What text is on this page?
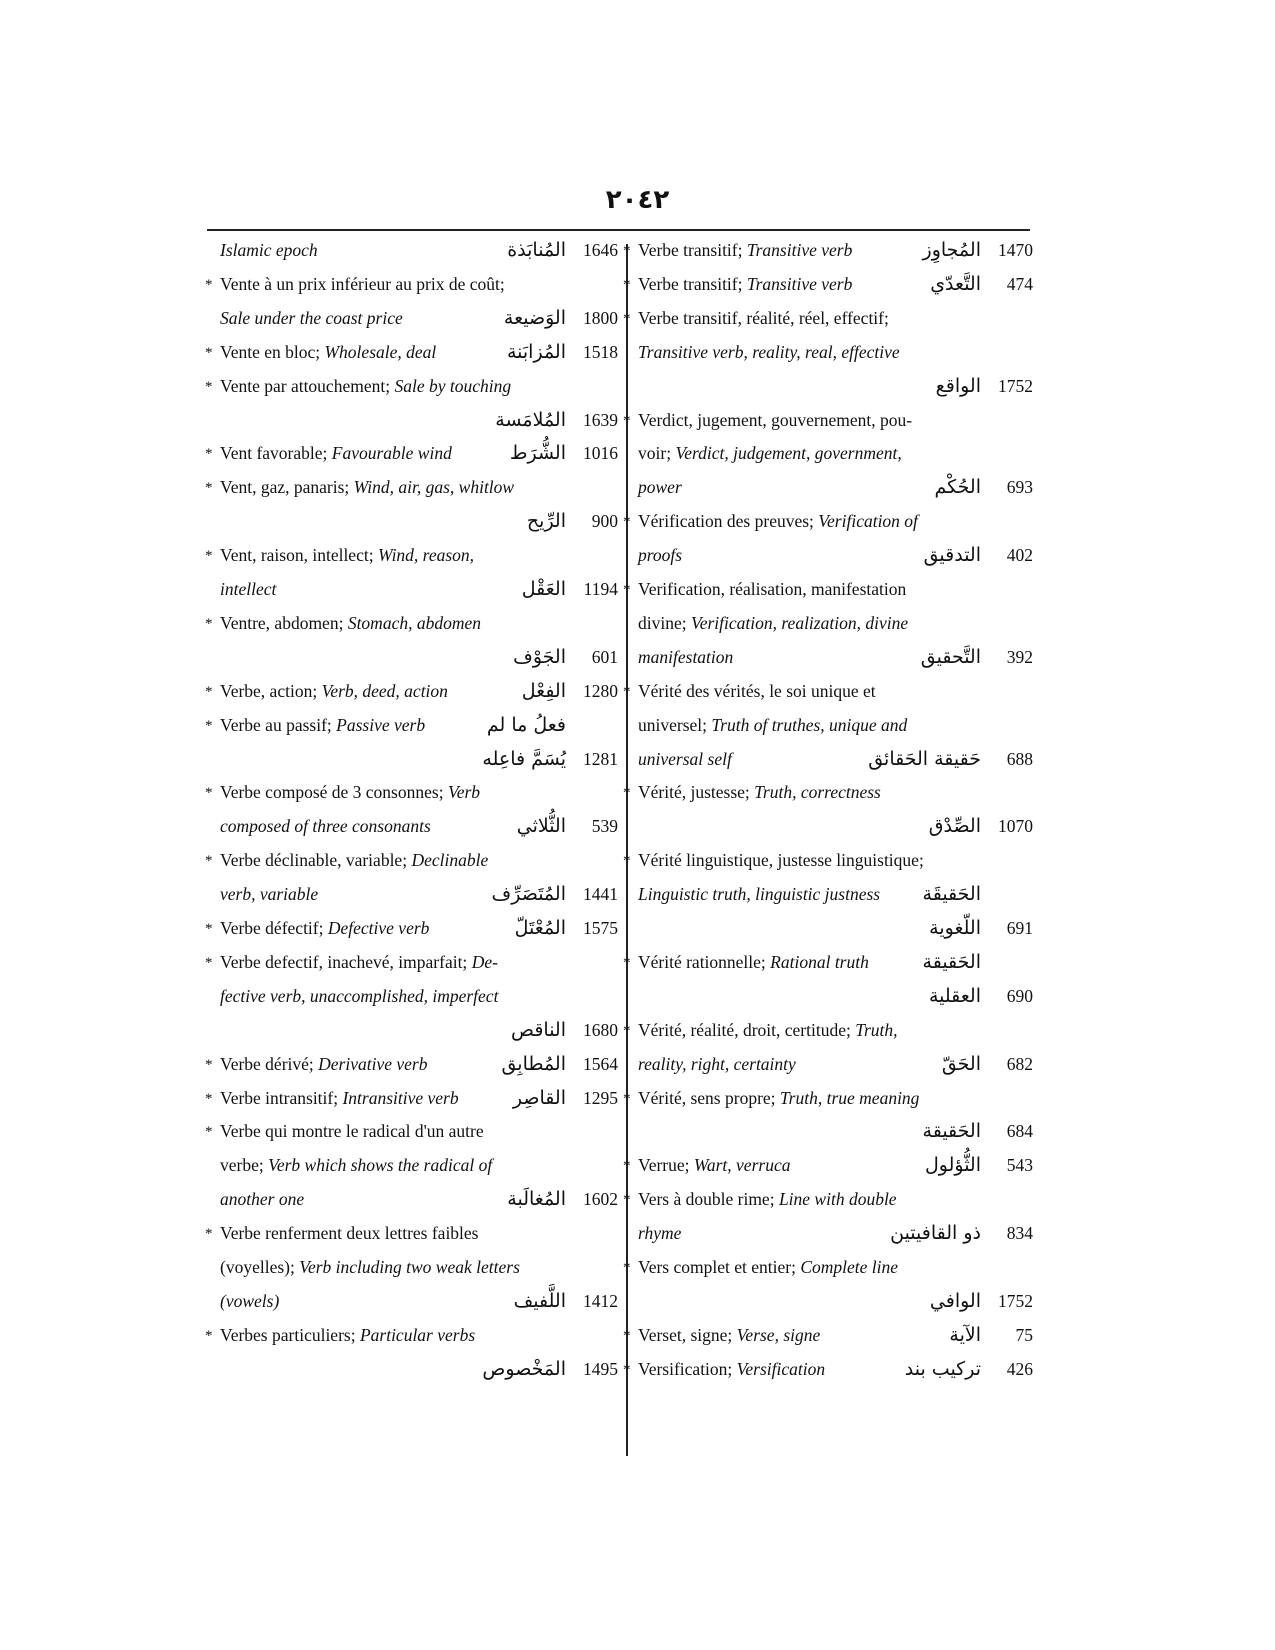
٢٠٤٢
Islamic epoch	المُنابَذة 1646
* Vente à un prix inférieur au prix de coût;
Sale under the coast price	الوَضيعة 1800
* Vente en bloc; Wholesale, deal	المُزابَنة 1518
* Vente par attouchement; Sale by touching
المُلامَسة 1639
* Vent favorable; Favourable wind	الشُّرَط 1016
* Vent, gaz, panaris; Wind, air, gas, whitlow
الرِّيح	900
* Vent, raison, intellect; Wind, reason,
intellect	العَقْل	1194
* Ventre, abdomen; Stomach, abdomen
الجَوْف	601
* Verbe, action; Verb, deed, action	الفِعْل 1280
* Verbe au passif; Passive verb	فعلُ ما لم
يُسَمَّ فاعِله 1281
* Verbe composé de 3 consonnes; Verb
composed of three consonants	الثُّلاثي	539
* Verbe déclinable, variable; Declinable
verb, variable	المُتَصَرِّف 1441
* Verbe défectif; Defective verb	المُعْتَلّ 1575
* Verbe defectif, inachevé, imparfait; De-
fective verb, unaccomplished, imperfect
الناقص 1680
* Verbe dérivé; Derivative verb	المُطابِق 1564
* Verbe intransitif; Intransitive verb	القاصِر 1295
* Verbe qui montre le radical d'un autre
verbe; Verb which shows the radical of
another one	المُغالَبة 1602
* Verbe renferment deux lettres faibles
(voyelles); Verb including two weak letters
(vowels)	اللَّفيف 1412
* Verbes particuliers; Particular verbs
المَخْصوص 1495
* Verbe transitif; Transitive verb	المُجاوِز 1470
* Verbe transitif; Transitive verb	التَّعدّي	474
* Verbe transitif, réalité, réel, effectif;
Transitive verb, reality, real, effective
الواقع 1752
* Verdict, jugement, gouvernement, pou-
voir; Verdict, judgement, government,
power	الحُكْم	693
* Vérification des preuves; Verification of
proofs	التدقيق	402
* Verification, réalisation, manifestation
divine; Verification, realization, divine
manifestation	التَّحقيق	392
* Vérité des vérités, le soi unique et
universel; Truth of truthes, unique and
universal self	حَقيقة الحَقائق	688
* Vérité, justesse; Truth, correctness
الصِّدْق 1070
* Vérité linguistique, justesse linguistique;
Linguistic truth, linguistic justness الحَقيقَة
اللّغوية	691
* Vérité rationnelle; Rational truth	الحَقيقة
العقلية	690
* Vérité, réalité, droit, certitude; Truth,
reality, right, certainty	الحَقّ	682
* Vérité, sens propre; Truth, true meaning
الحَقيقة	684
* Verrue; Wart, verruca	الثُّؤلول	543
* Vers à double rime; Line with double
rhyme	ذو القافيتين	834
* Vers complet et entier; Complete line
الوافي 1752
* Verset, signe; Verse, signe	الآية	75
* Versification; Versification	تركيب بند	426
